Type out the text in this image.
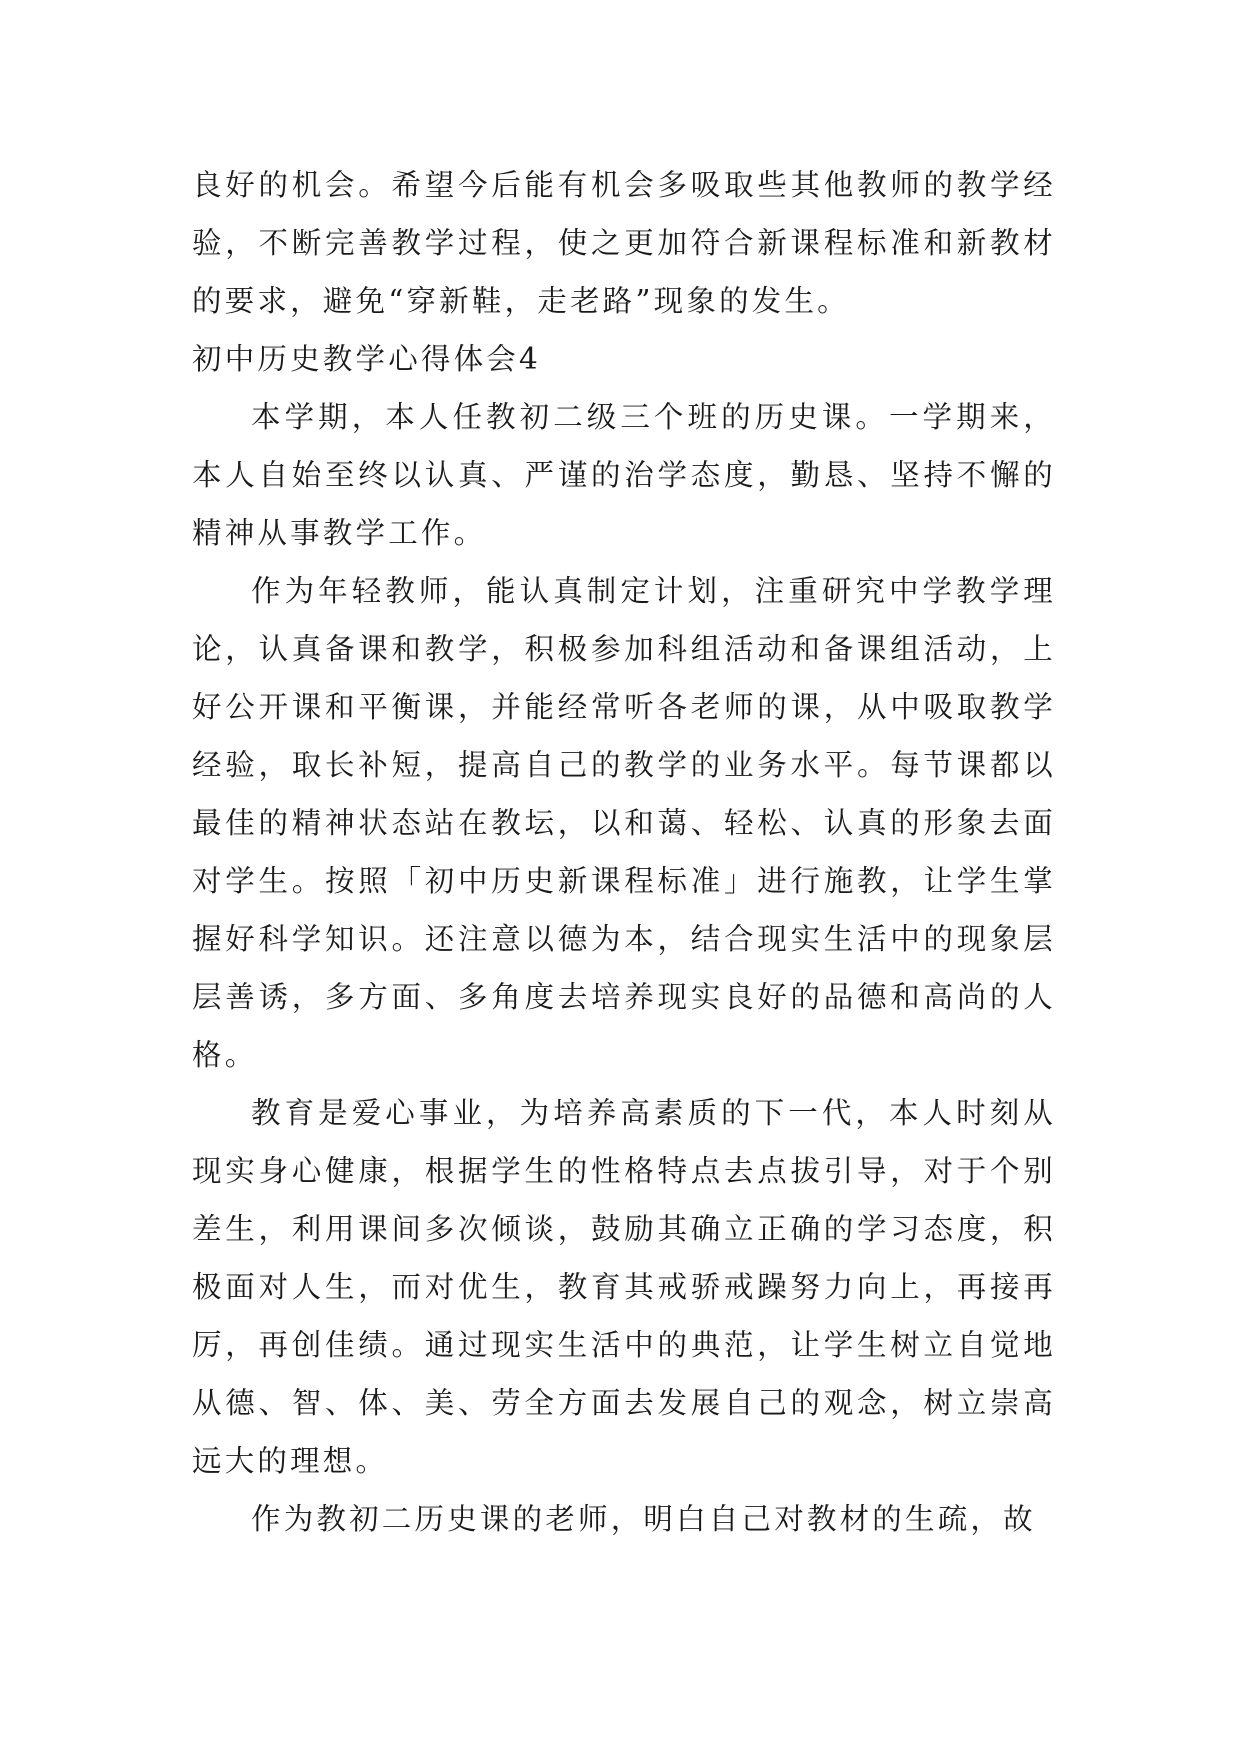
良好的机会。希望今后能有机会多吸取些其他教师的教学经验，不断完善教学过程，使之更加符合新课程标准和新教材的要求，避免“穿新鞋，走老路”现象的发生。

初中历史教学心得体会4

本学期，本人任教初二级三个班的历史课。一学期来，本人自始至终以认真、严谨的治学态度，勤恳、坚持不懈的精神从事教学工作。

作为年轻教师，能认真制定计划，注重研究中学教学理论，认真备课和教学，积极参加科组活动和备课组活动，上好公开课和平衡课，并能经常听各老师的课，从中吸取教学经验，取长补短，提高自己的教学的业务水平。每节课都以最佳的精神状态站在教坛，以和蔼、轻松、认真的形象去面对学生。按照「初中历史新课程标准」进行施教，让学生掌握好科学知识。还注意以德为本，结合现实生活中的现象层层善诱，多方面、多角度去培养现实良好的品德和高尚的人格。

教育是爱心事业，为培养高素质的下一代，本人时刻从现实身心健康，根据学生的性格特点去点拔引导，对于个别差生，利用课间多次倾谈，鼓励其确立正确的学习态度，积极面对人生，而对优生，教育其戒骄戒躁努力向上，再接再厉，再创佳绩。通过现实生活中的典范，让学生树立自觉地从德、智、体、美、劳全方面去发展自己的观念，树立崇高远大的理想。

作为教初二历史课的老师，明白自己对教材的生疏，故
